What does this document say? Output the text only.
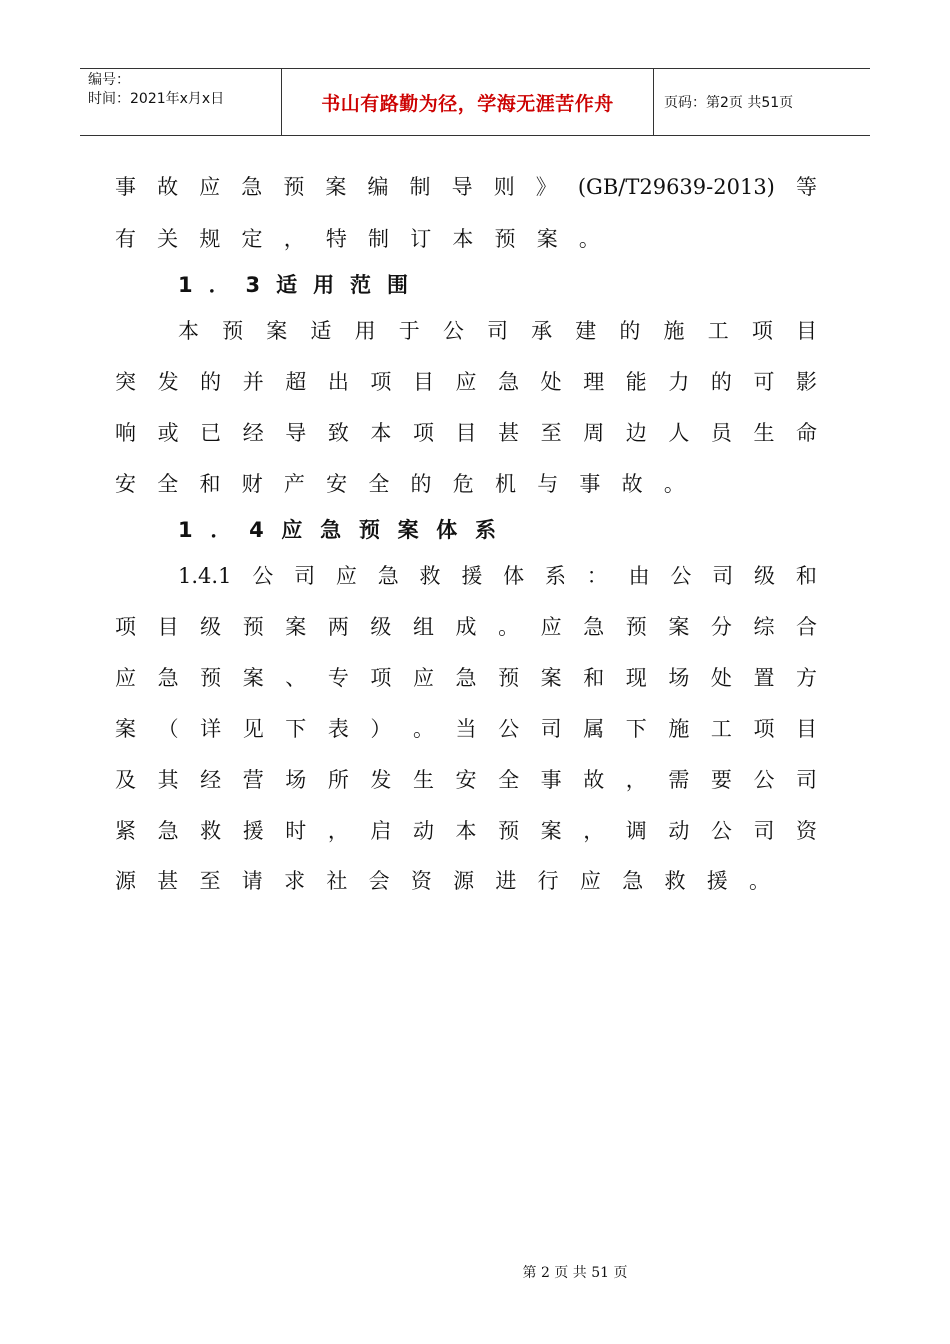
编号：
时间：2021年x月x日	书山有路勤为径，学海无涯苦作舟	页码：第2页 共51页
事 故 应 急 预 案 编 制 导 则 》 (GB/T29639-2013) 等
有 关 规 定 ， 特 制 订 本 预 案 。
1 ． 3 适 用 范 围
本 预 案 适 用 于 公 司 承 建 的 施 工 项 目
突 发 的 并 超 出 项 目 应 急 处 理 能 力 的 可 影
响 或 已 经 导 致 本 项 目 甚 至 周 边 人 员 生 命
安 全 和 财 产 安 全 的 危 机 与 事 故 。
1 ． 4 应 急 预 案 体 系
1.4.1 公 司 应 急 救 援 体 系 ： 由 公 司 级 和
项 目 级 预 案 两 级 组 成 。 应 急 预 案 分 综 合
应 急 预 案 、 专 项 应 急 预 案 和 现 场 处 置 方
案 （ 详 见 下 表 ） 。 当 公 司 属 下 施 工 项 目
及 其 经 营 场 所 发 生 安 全 事 故 ， 需 要 公 司
紧 急 救 援 时 ， 启 动 本 预 案 ， 调 动 公 司 资
源 甚 至 请 求 社 会 资 源 进 行 应 急 救 援 。
第 2 页 共 51 页
